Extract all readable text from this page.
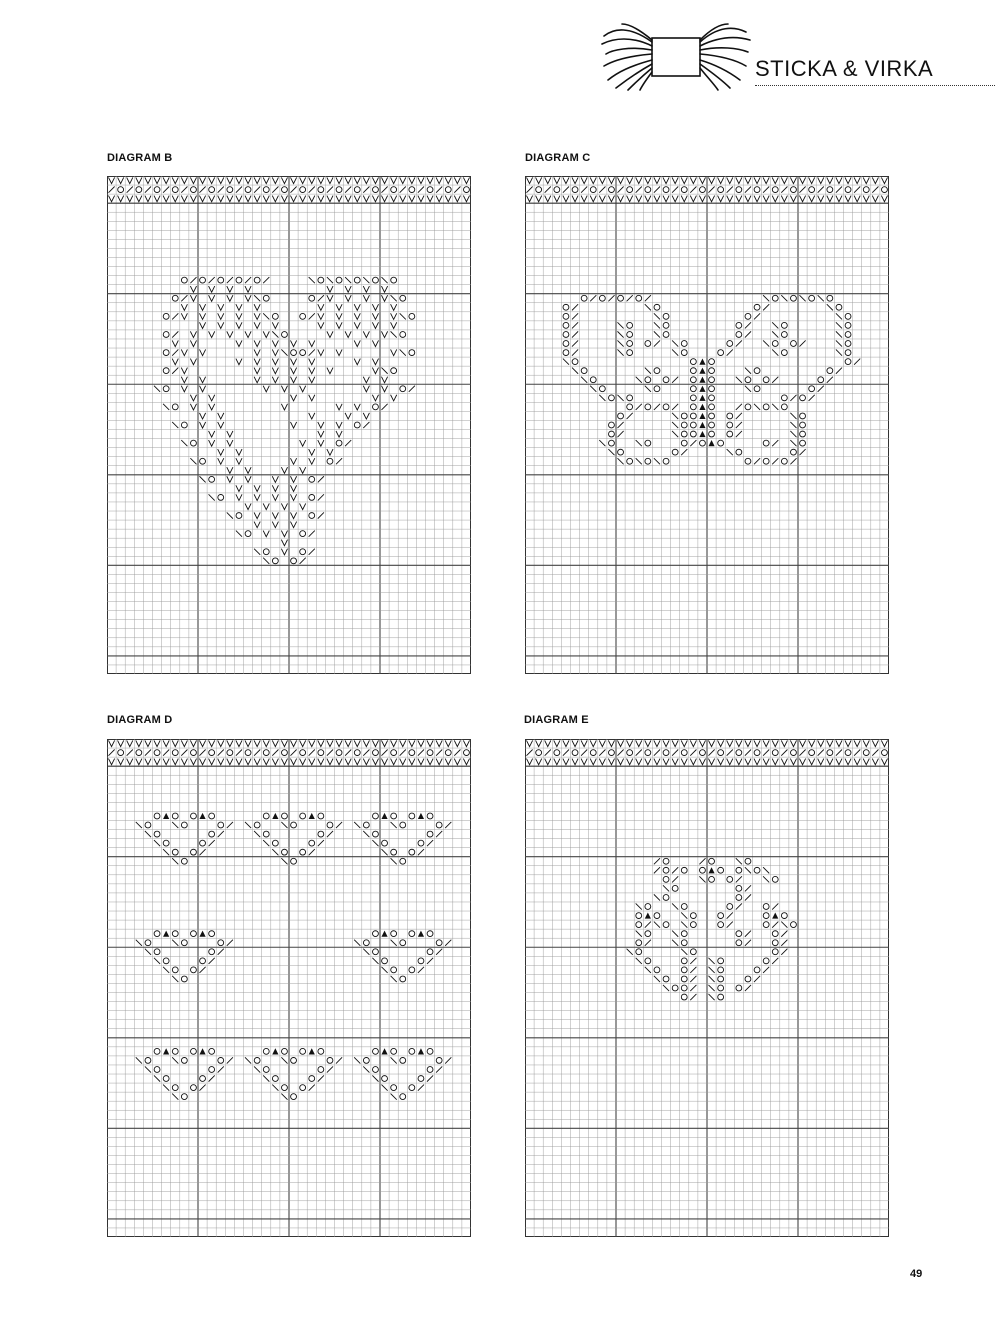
STICKA & VIRKA
DIAGRAM B	DIAGRAM C
DIAGRAM D	DIAGRAM E
49
